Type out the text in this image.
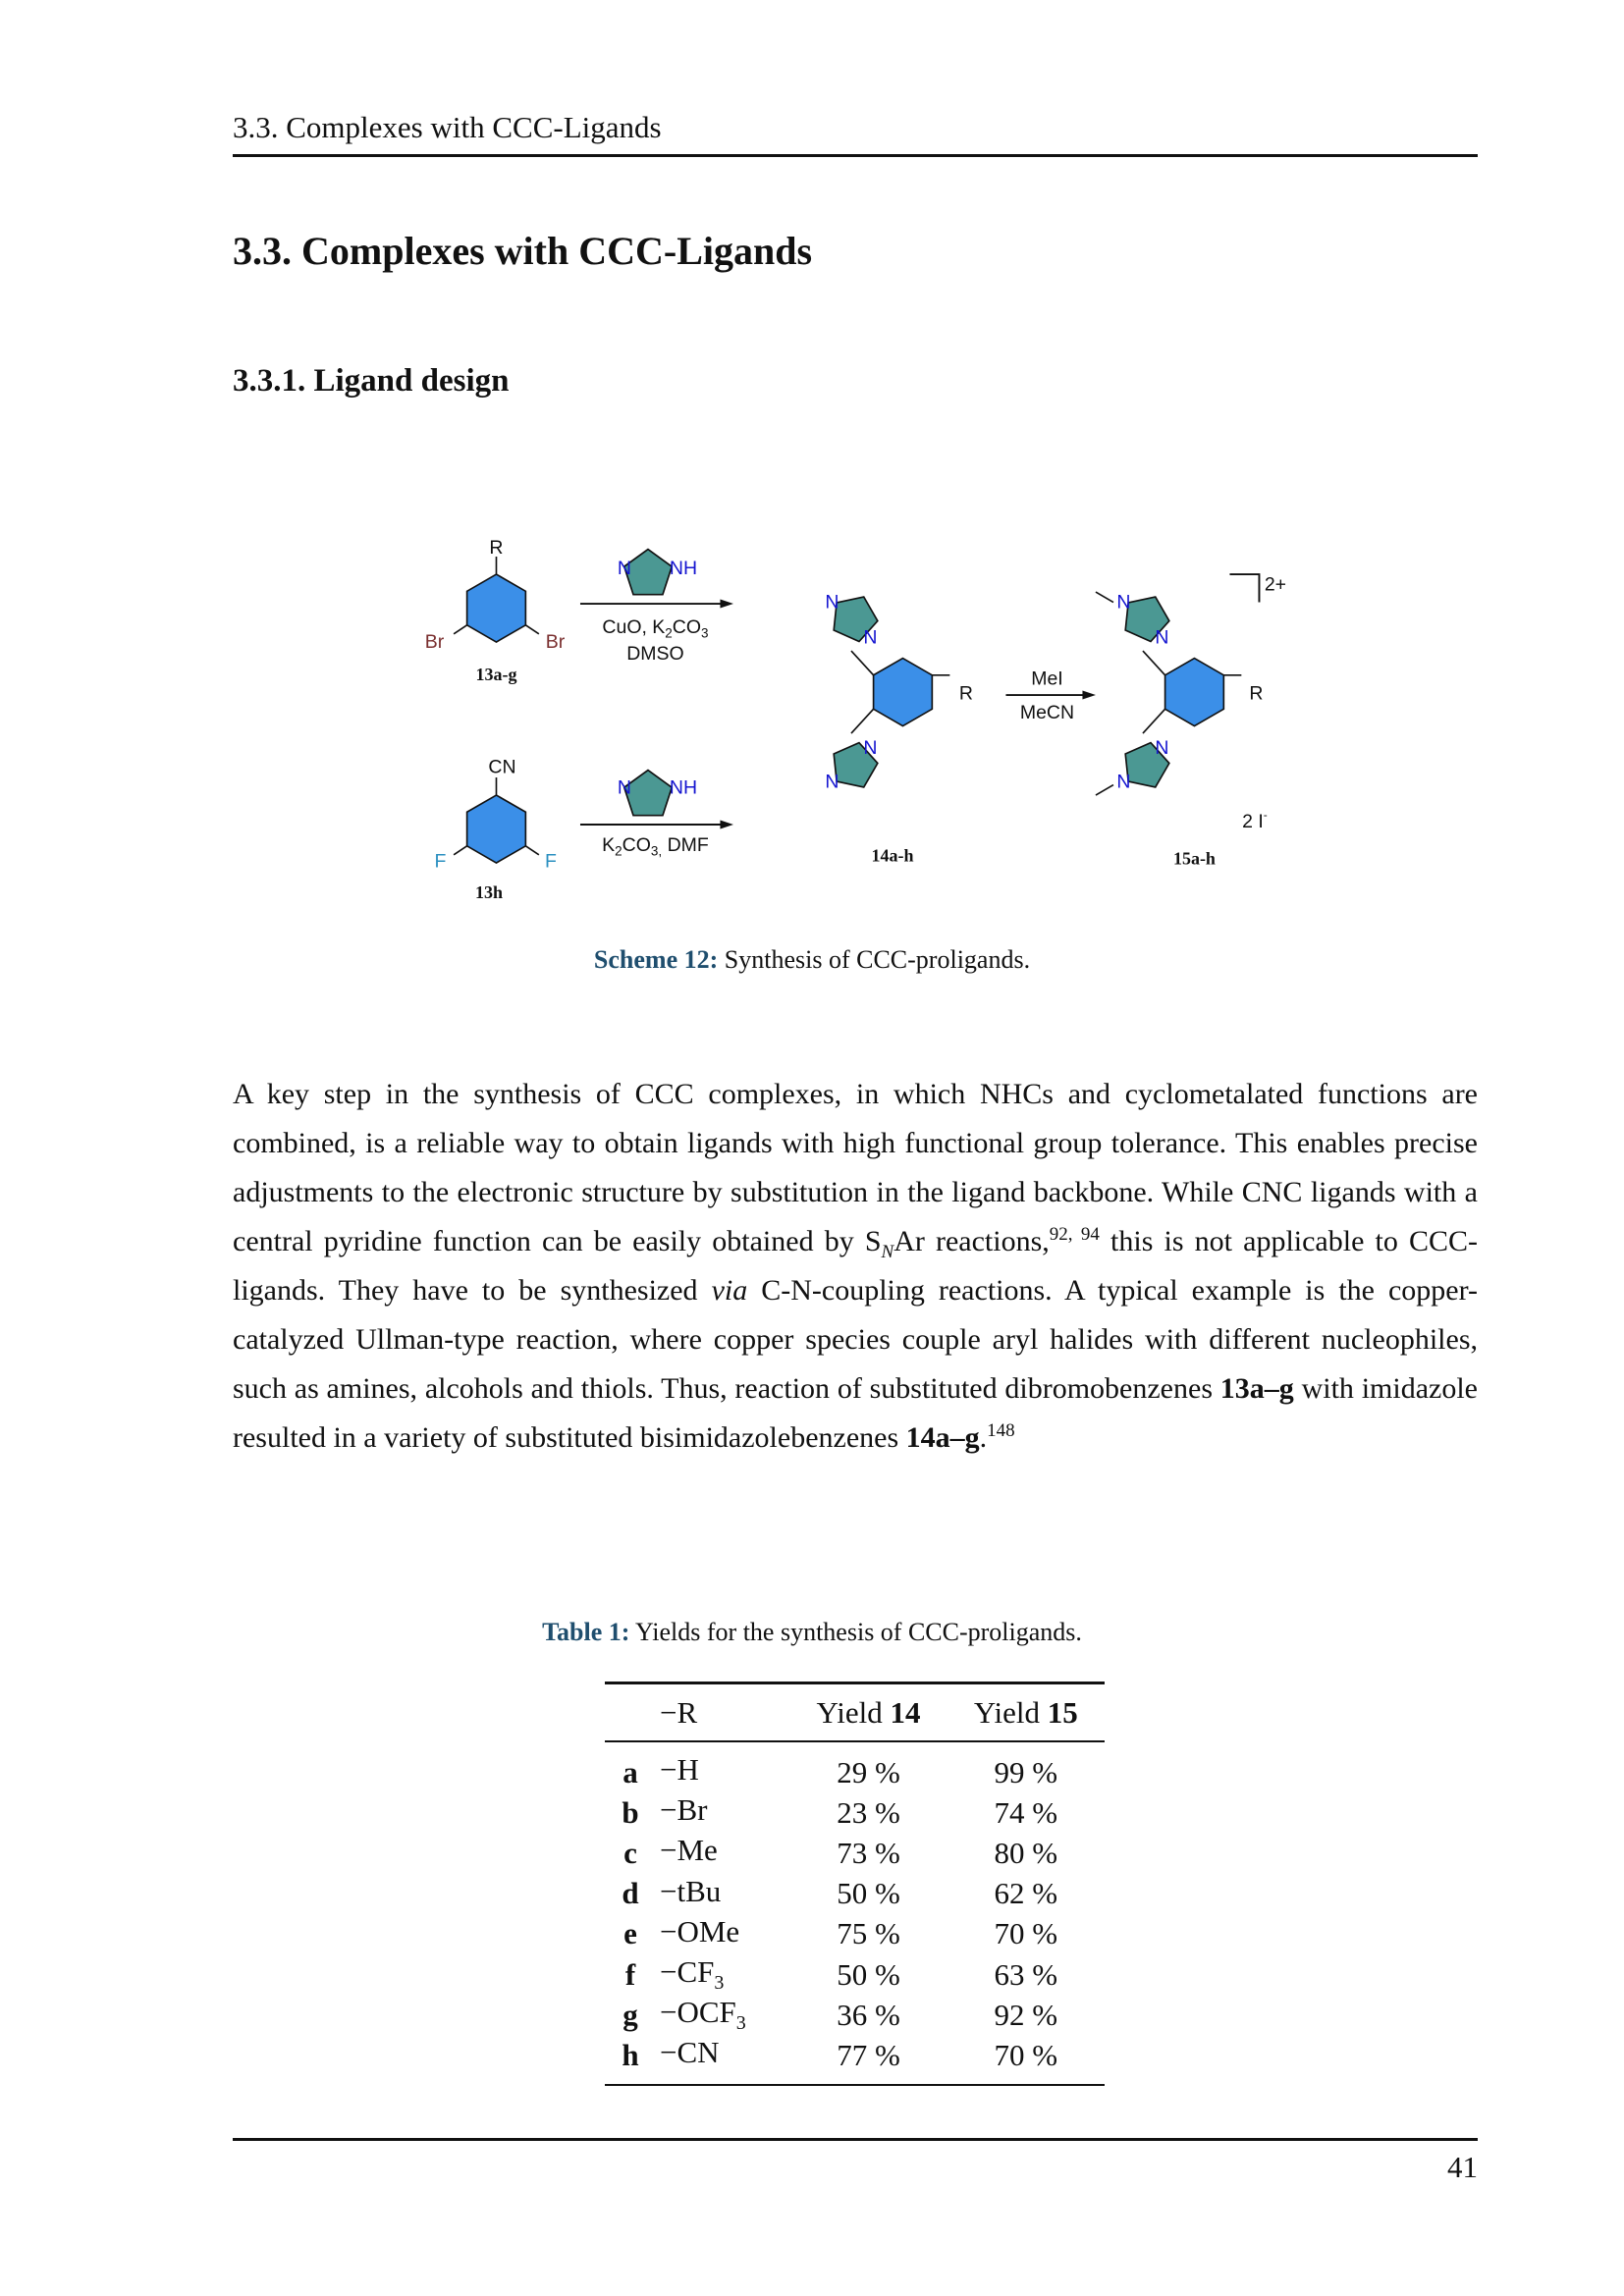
3.3. Complexes with CCC-Ligands
3.3. Complexes with CCC-Ligands
3.3.1. Ligand design
R
Br	Br
13a-g
CN
F	F
13h
N	NH
N	NH
CuO, $K_2CO_3$
DMSO
$K_2CO_{3,}$ DMF
R
14a-h
MeI
MeCN
R
2+
2 I-
15a-h
N
N
N
N
N
N
N
N
Scheme 12: Synthesis of CCC-proligands.
A key step in the synthesis of CCC complexes, in which NHCs and cyclometalated functions are combined, is a reliable way to obtain ligands with high functional group tolerance. This enables precise adjustments to the electronic structure by substitution in the ligand backbone. While CNC ligands with a central pyridine function can be easily obtained by $S_NAr$ reactions,$^{92, 94}$ this is not applicable to CCC-ligands. They have to be synthesized via C-N-coupling reactions. A typical example is the copper-catalyzed Ullman-type reaction, where copper species couple aryl halides with different nucleophiles, such as amines, alcohols and thiols. Thus, reaction of substituted dibromobenzenes 13a–g with imidazole resulted in a variety of substituted bisimidazolebenzenes 14a–g.$^{148}$
Table 1: Yields for the synthesis of CCC-proligands.
	−R	Yield 14	Yield 15
a	−H	29 %	99 %
b	−Br	23 %	74 %
c	−Me	73 %	80 %
d	−tBu	50 %	62 %
e	−OMe	75 %	70 %
f	$-CF_3$	50 %	63 %
g	$-OCF_3$	36 %	92 %
h	−CN	77 %	70 %
41
